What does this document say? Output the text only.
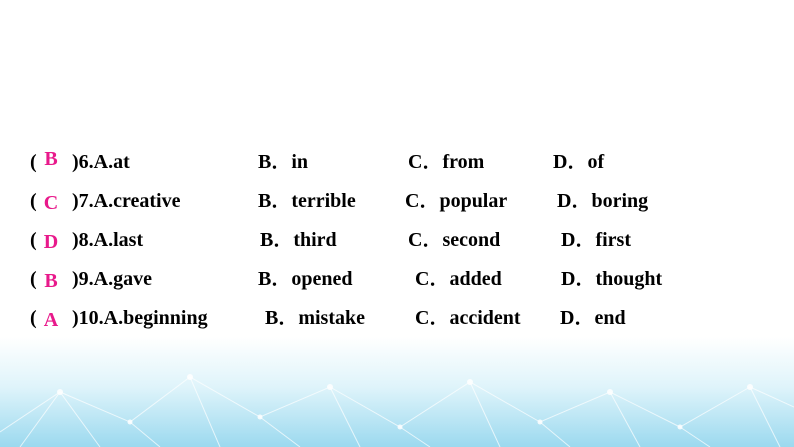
( B )6.A.at	B．in	C．from	D．of
( C )7.A.creative	B．terrible C．popular D．boring
( D )8.A.last	B．third	C．second	D．first
( B )9.A.gave	B．opened	C．added	D．thought
( A )10.A.beginning	B．mistake	C．accident D．end
